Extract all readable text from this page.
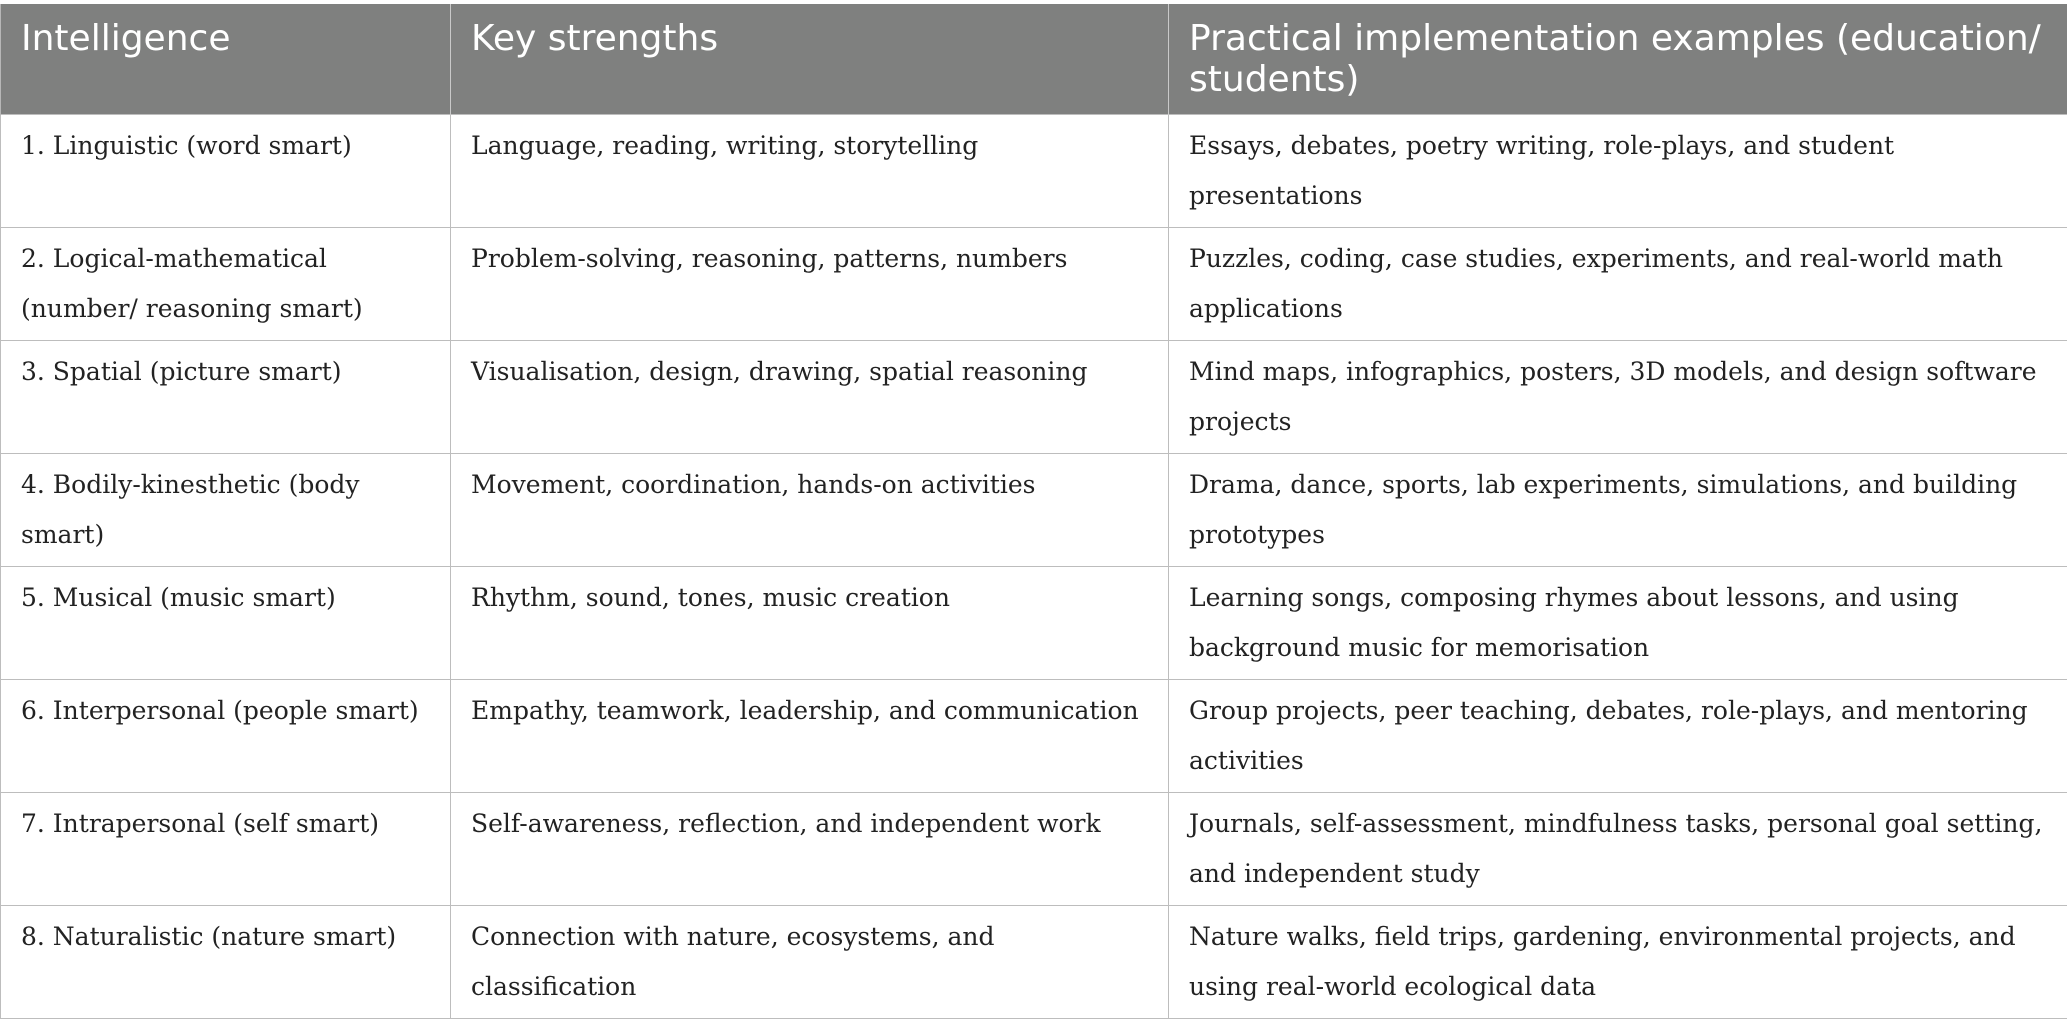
Intelligence	Key strengths	Practical implementation examples (education/ students)
1. Linguistic (word smart)	Language, reading, writing, storytelling	Essays, debates, poetry writing, role-plays, and student presentations
2. Logical-mathematical (number/ reasoning smart)	Problem-solving, reasoning, patterns, numbers	Puzzles, coding, case studies, experiments, and real-world math applications
3. Spatial (picture smart)	Visualisation, design, drawing, spatial reasoning	Mind maps, infographics, posters, 3D models, and design software projects
4. Bodily-kinesthetic (body smart)	Movement, coordination, hands-on activities	Drama, dance, sports, lab experiments, simulations, and building prototypes
5. Musical (music smart)	Rhythm, sound, tones, music creation	Learning songs, composing rhymes about lessons, and using background music for memorisation
6. Interpersonal (people smart)	Empathy, teamwork, leadership, and communication	Group projects, peer teaching, debates, role-plays, and mentoring activities
7. Intrapersonal (self smart)	Self-awareness, reflection, and independent work	Journals, self-assessment, mindfulness tasks, personal goal setting, and independent study
8. Naturalistic (nature smart)	Connection with nature, ecosystems, and classification	Nature walks, field trips, gardening, environmental projects, and using real-world ecological data
